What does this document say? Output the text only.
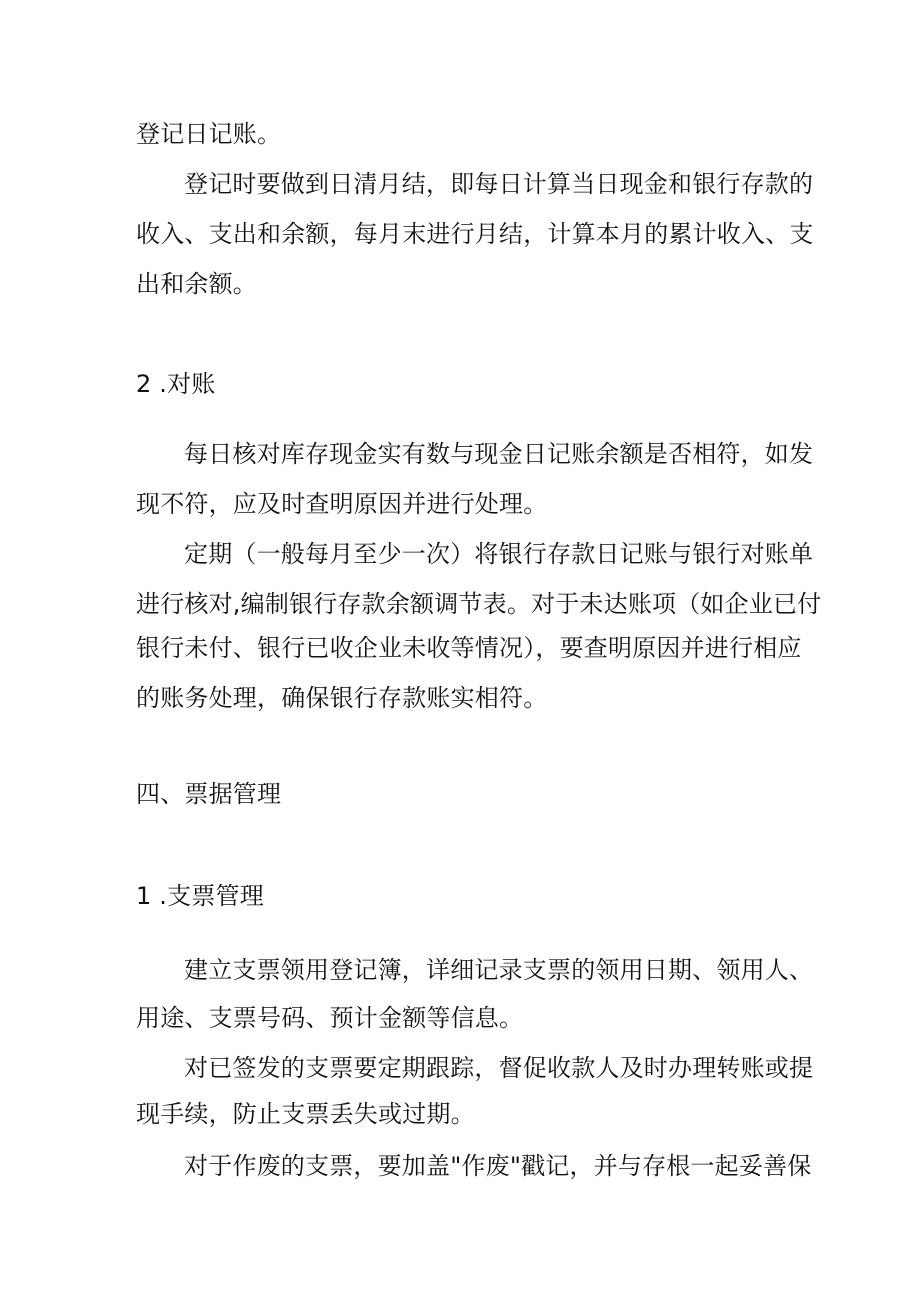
登记日记账。
登记时要做到日清月结，即每日计算当日现金和银行存款的
收入、支出和余额，每月末进行月结，计算本月的累计收入、支
出和余额。
2 .对账
每日核对库存现金实有数与现金日记账余额是否相符，如发
现不符，应及时查明原因并进行处理。
定期（一般每月至少一次）将银行存款日记账与银行对账单
进行核对,编制银行存款余额调节表。对于未达账项（如企业已付
银行未付、银行已收企业未收等情况），要查明原因并进行相应
的账务处理，确保银行存款账实相符。
四、票据管理
1 .支票管理
建立支票领用登记簿，详细记录支票的领用日期、领用人、
用途、支票号码、预计金额等信息。
对已签发的支票要定期跟踪，督促收款人及时办理转账或提
现手续，防止支票丢失或过期。
对于作废的支票，要加盖"作废"戳记，并与存根一起妥善保
